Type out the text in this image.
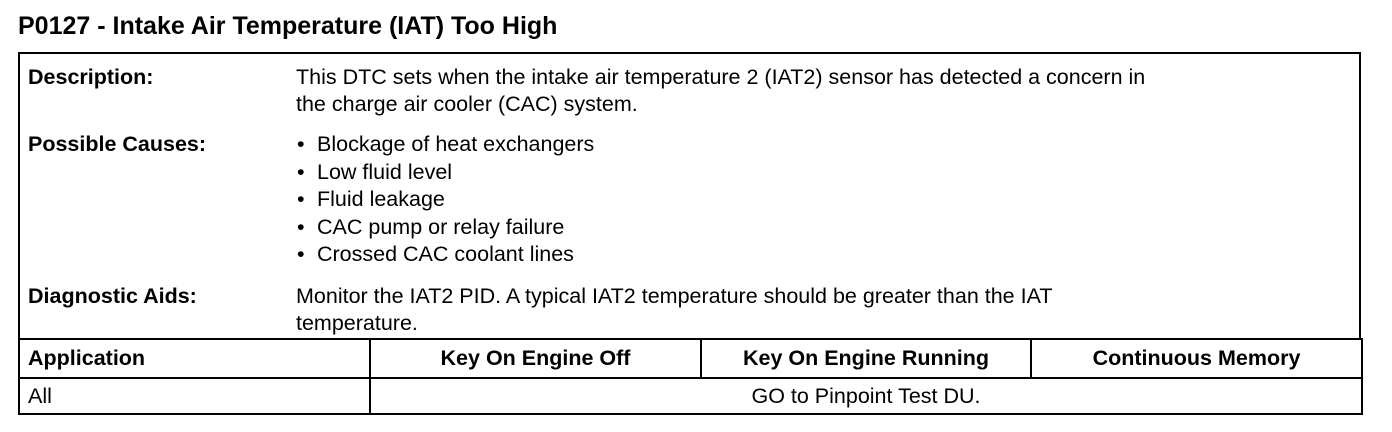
P0127 - Intake Air Temperature (IAT) Too High
Description:	This DTC sets when the intake air temperature 2 (IAT2) sensor has detected a concern in
the charge air cooler (CAC) system.
Possible Causes:	• Blockage of heat exchangers
• Low fluid level
• Fluid leakage
• CAC pump or relay failure
• Crossed CAC coolant lines
Diagnostic Aids:	Monitor the IAT2 PID. A typical IAT2 temperature should be greater than the IAT
temperature.
Application	Key On Engine Off	Key On Engine Running	Continuous Memory
All	GO to Pinpoint Test DU.		
